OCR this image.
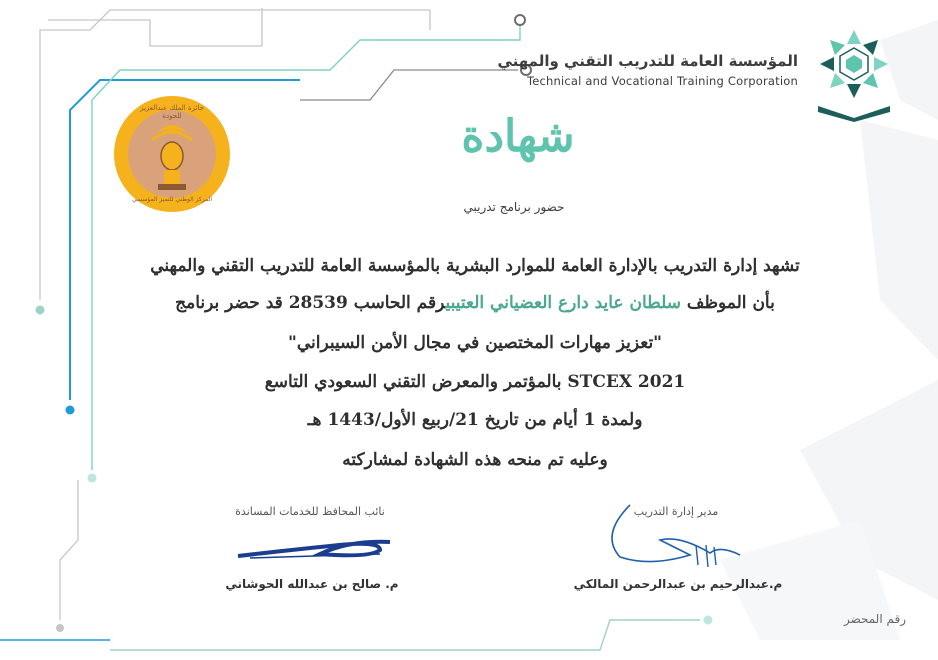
المؤسسة العامة للتدريب التقني والمهني
Technical and Vocational Training Corporation
جائزة الملك عبدالعزيز للجودة
المركز الوطني للتميز المؤسسي
شهادة
حضور برنامج تدريبي
تشهد إدارة التدريب بالإدارة العامة للموارد البشرية بالمؤسسة العامة للتدريب التقني والمهني
بأن الموظف سلطان عايد دارع العضياني العتيبيرقم الحاسب 28539 قد حضر برنامج
"تعزيز مهارات المختصين في مجال الأمن السيبراني"
STCEX 2021 بالمؤتمر والمعرض التقني السعودي التاسع
ولمدة 1 أيام من تاريخ 21/ربيع الأول/1443 هـ
وعليه تم منحه هذه الشهادة لمشاركته
مدير إدارة التدريب
م.عبدالرحيم بن عبدالرحمن المالكي
نائب المحافظ للخدمات المساندة
م. صالح بن عبدالله الحوشاني
رقم المحضر
